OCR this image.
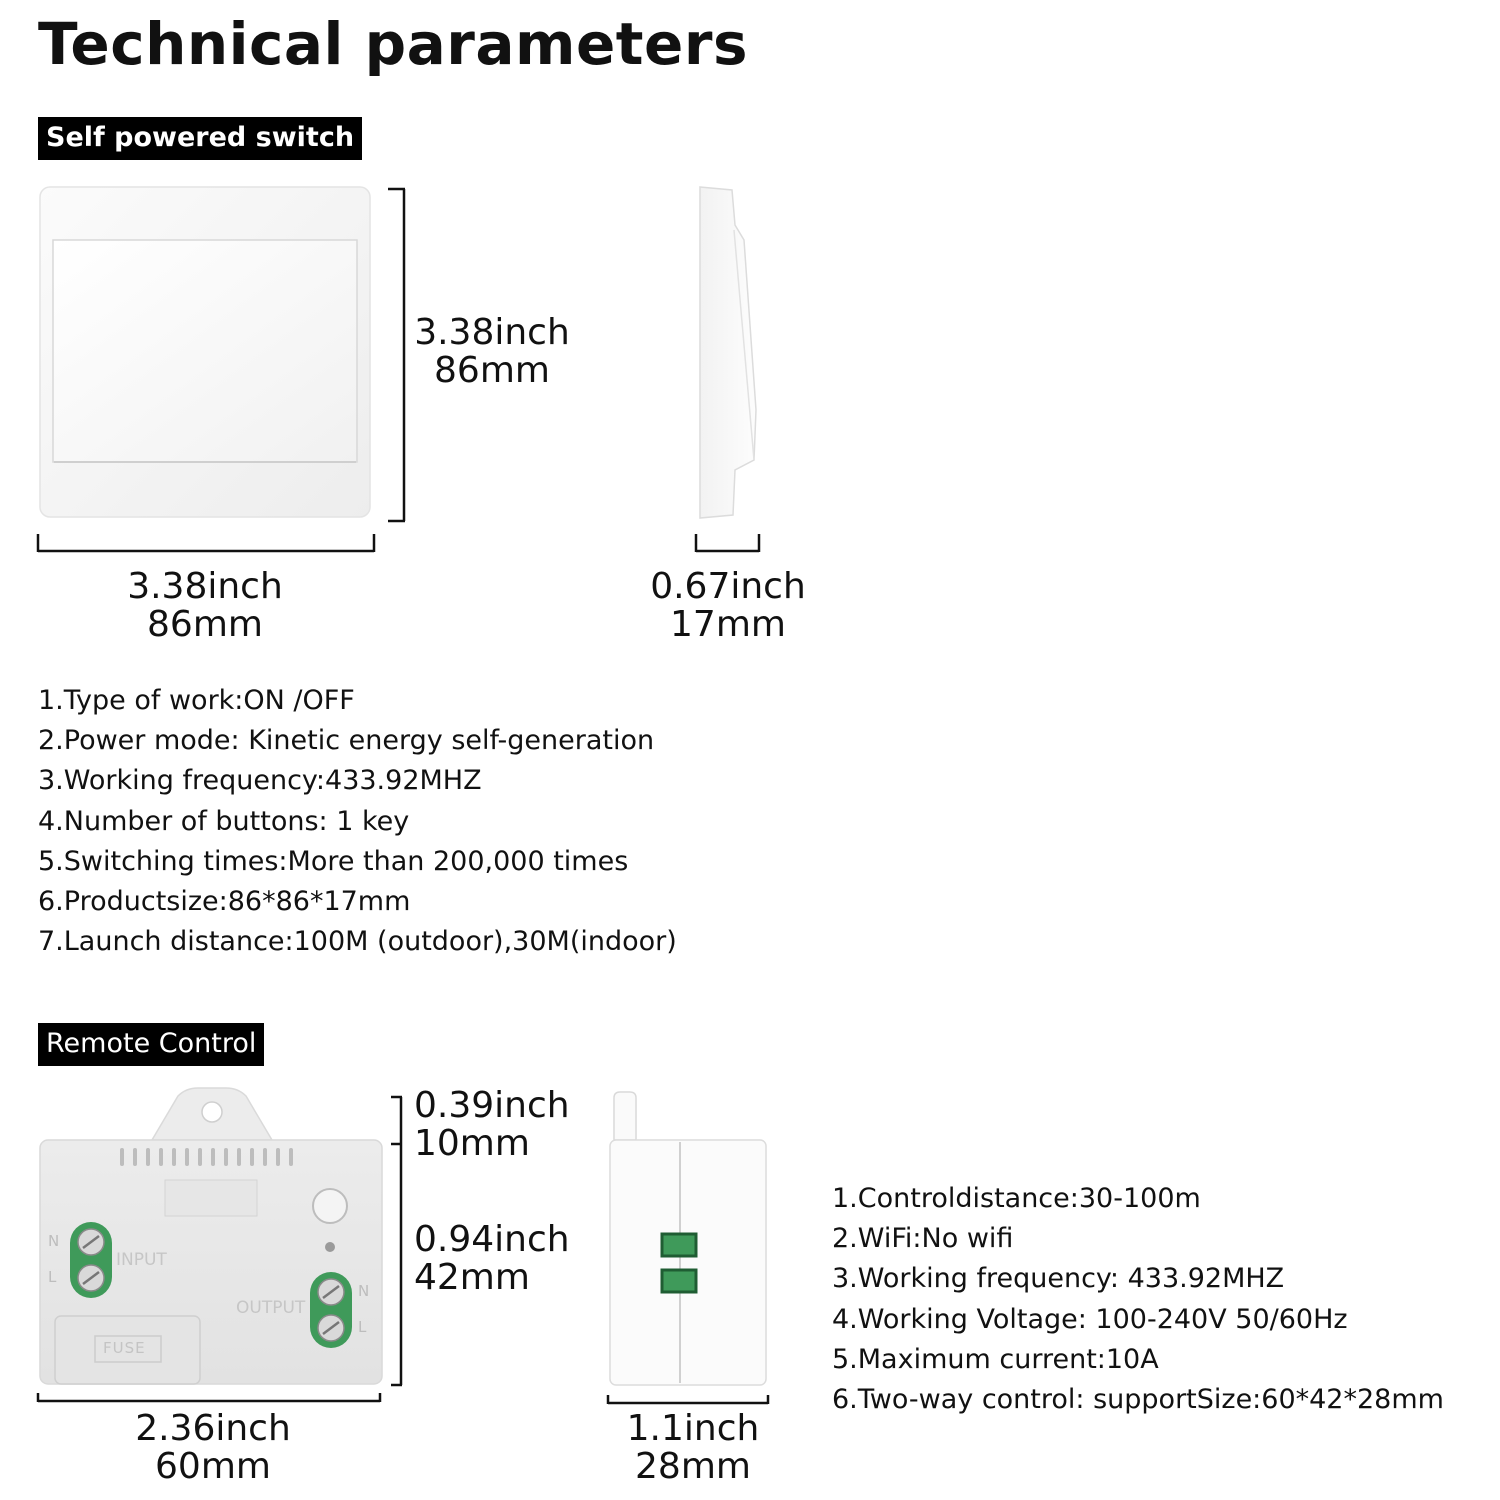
Technical parameters
Self powered switch
N
L
INPUT
OUTPUT
N
L
FUSE
3.38inch
86mm
3.38inch
86mm
0.67inch
17mm
1.Type of work:ON /OFF
2.Power mode: Kinetic energy self-generation
3.Working frequency:433.92MHZ
4.Number of buttons: 1 key
5.Switching times:More than 200,000 times
6.Productsize:86*86*17mm
7.Launch distance:100M (outdoor),30M(indoor)
Remote Control
0.39inch
10mm
0.94inch
42mm
2.36inch
60mm
1.1inch
28mm
1.Controldistance:30-100m
2.WiFi:No wifi
3.Working frequency: 433.92MHZ
4.Working Voltage: 100-240V 50/60Hz
5.Maximum current:10A
6.Two-way control: supportSize:60*42*28mm
